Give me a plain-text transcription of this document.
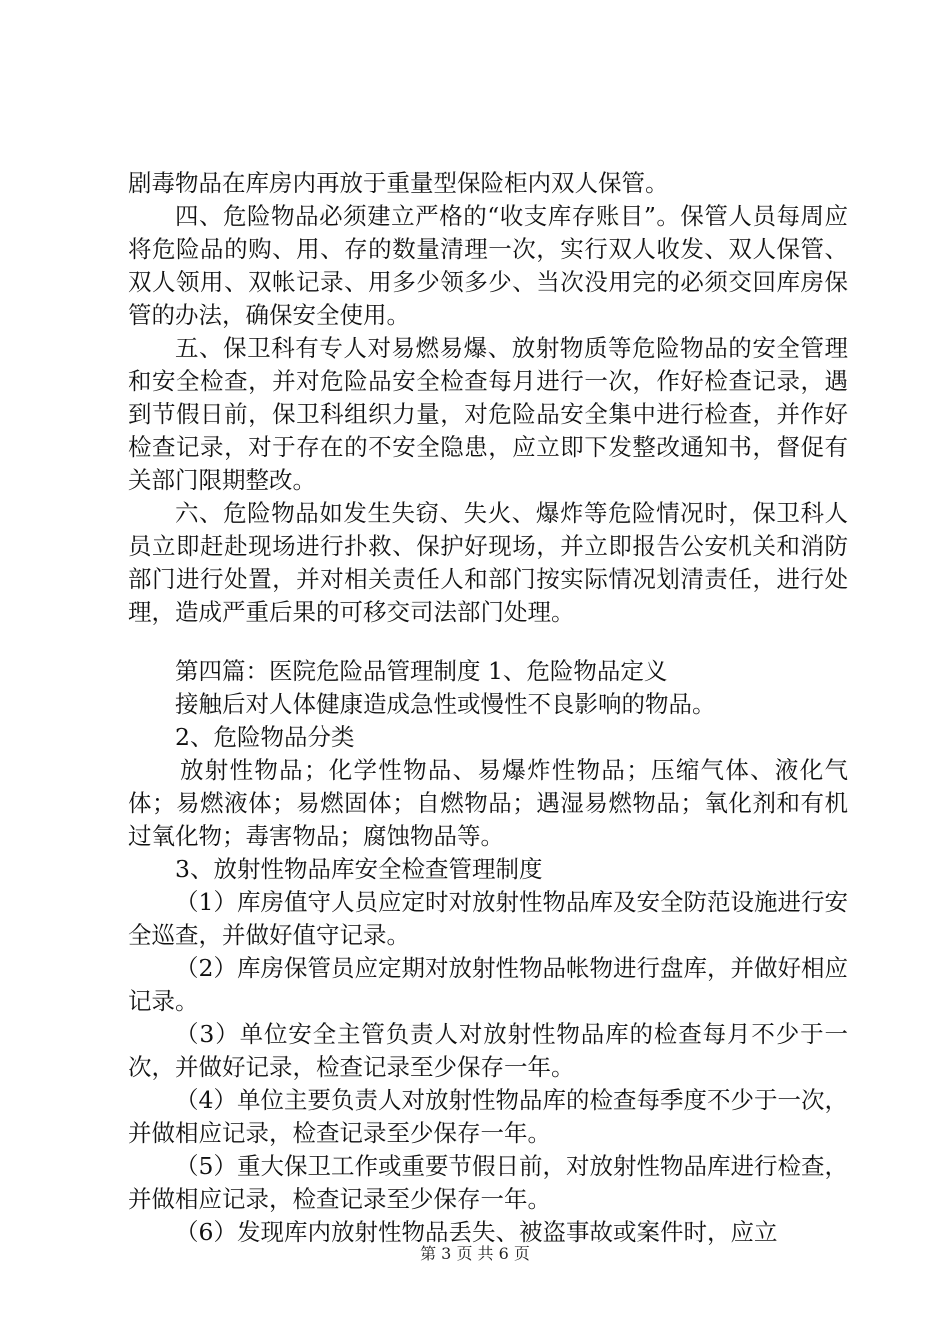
剧毒物品在库房内再放于重量型保险柜内双人保管。

四、危险物品必须建立严格的“收支库存账目”。保管人员每周应将危险品的购、用、存的数量清理一次，实行双人收发、双人保管、双人领用、双帐记录、用多少领多少、当次没用完的必须交回库房保管的办法，确保安全使用。

五、保卫科有专人对易燃易爆、放射物质等危险物品的安全管理和安全检查，并对危险品安全检查每月进行一次，作好检查记录，遇到节假日前，保卫科组织力量，对危险品安全集中进行检查，并作好检查记录，对于存在的不安全隐患，应立即下发整改通知书，督促有关部门限期整改。

六、危险物品如发生失窃、失火、爆炸等危险情况时，保卫科人员立即赶赴现场进行扑救、保护好现场，并立即报告公安机关和消防部门进行处置，并对相关责任人和部门按实际情况划清责任，进行处理，造成严重后果的可移交司法部门处理。

第四篇：医院危险品管理制度 1、危险物品定义

接触后对人体健康造成急性或慢性不良影响的物品。

2、危险物品分类

放射性物品；化学性物品、易爆炸性物品；压缩气体、液化气体；易燃液体；易燃固体；自燃物品；遇湿易燃物品；氧化剂和有机过氧化物；毒害物品；腐蚀物品等。

3、放射性物品库安全检查管理制度

（1）库房值守人员应定时对放射性物品库及安全防范设施进行安全巡查，并做好值守记录。

（2）库房保管员应定期对放射性物品帐物进行盘库，并做好相应记录。

（3）单位安全主管负责人对放射性物品库的检查每月不少于一次，并做好记录，检查记录至少保存一年。

（4）单位主要负责人对放射性物品库的检查每季度不少于一次，并做相应记录，检查记录至少保存一年。

（5）重大保卫工作或重要节假日前，对放射性物品库进行检查，并做相应记录，检查记录至少保存一年。

（6）发现库内放射性物品丢失、被盗事故或案件时，应立

第 3 页 共 6 页
